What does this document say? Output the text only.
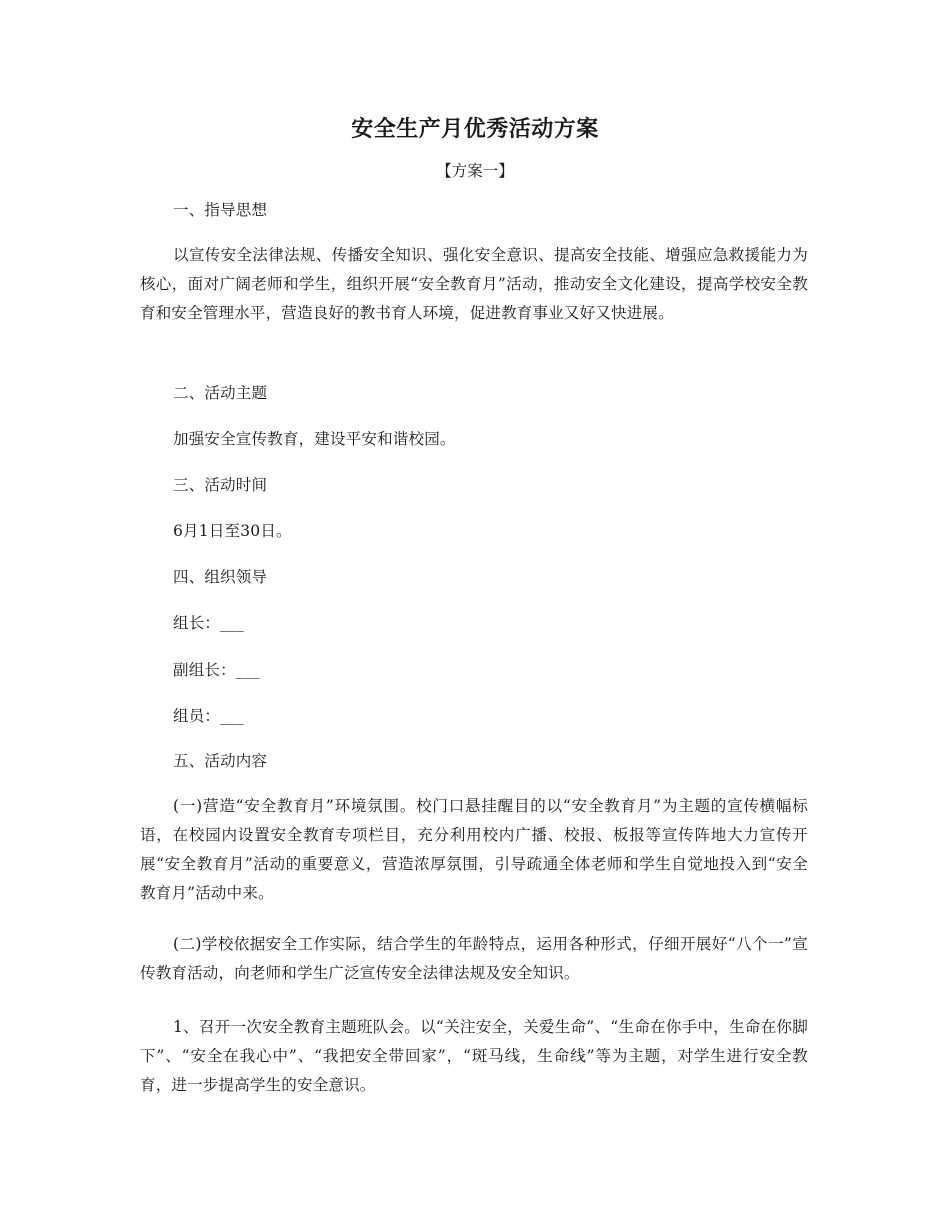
安全生产月优秀活动方案
【方案一】
一、指导思想
以宣传安全法律法规、传播安全知识、强化安全意识、提高安全技能、增强应急救援能力为核心，面对广阔老师和学生，组织开展“安全教育月”活动，推动安全文化建设，提高学校安全教育和安全管理水平，营造良好的教书育人环境，促进教育事业又好又快进展。
二、活动主题
加强安全宣传教育，建设平安和谐校园。
三、活动时间
6月1日至30日。
四、组织领导
组长：___
副组长：___
组员：___
五、活动内容
(一)营造“安全教育月”环境氛围。校门口悬挂醒目的以“安全教育月”为主题的宣传横幅标语，在校园内设置安全教育专项栏目，充分利用校内广播、校报、板报等宣传阵地大力宣传开展“安全教育月”活动的重要意义，营造浓厚氛围，引导疏通全体老师和学生自觉地投入到“安全教育月”活动中来。
(二)学校依据安全工作实际，结合学生的年龄特点，运用各种形式，仔细开展好“八个一”宣传教育活动，向老师和学生广泛宣传安全法律法规及安全知识。
1、召开一次安全教育主题班队会。以“关注安全，关爱生命”、“生命在你手中，生命在你脚下”、“安全在我心中”、“我把安全带回家”，“斑马线，生命线”等为主题，对学生进行安全教育，进一步提高学生的安全意识。
